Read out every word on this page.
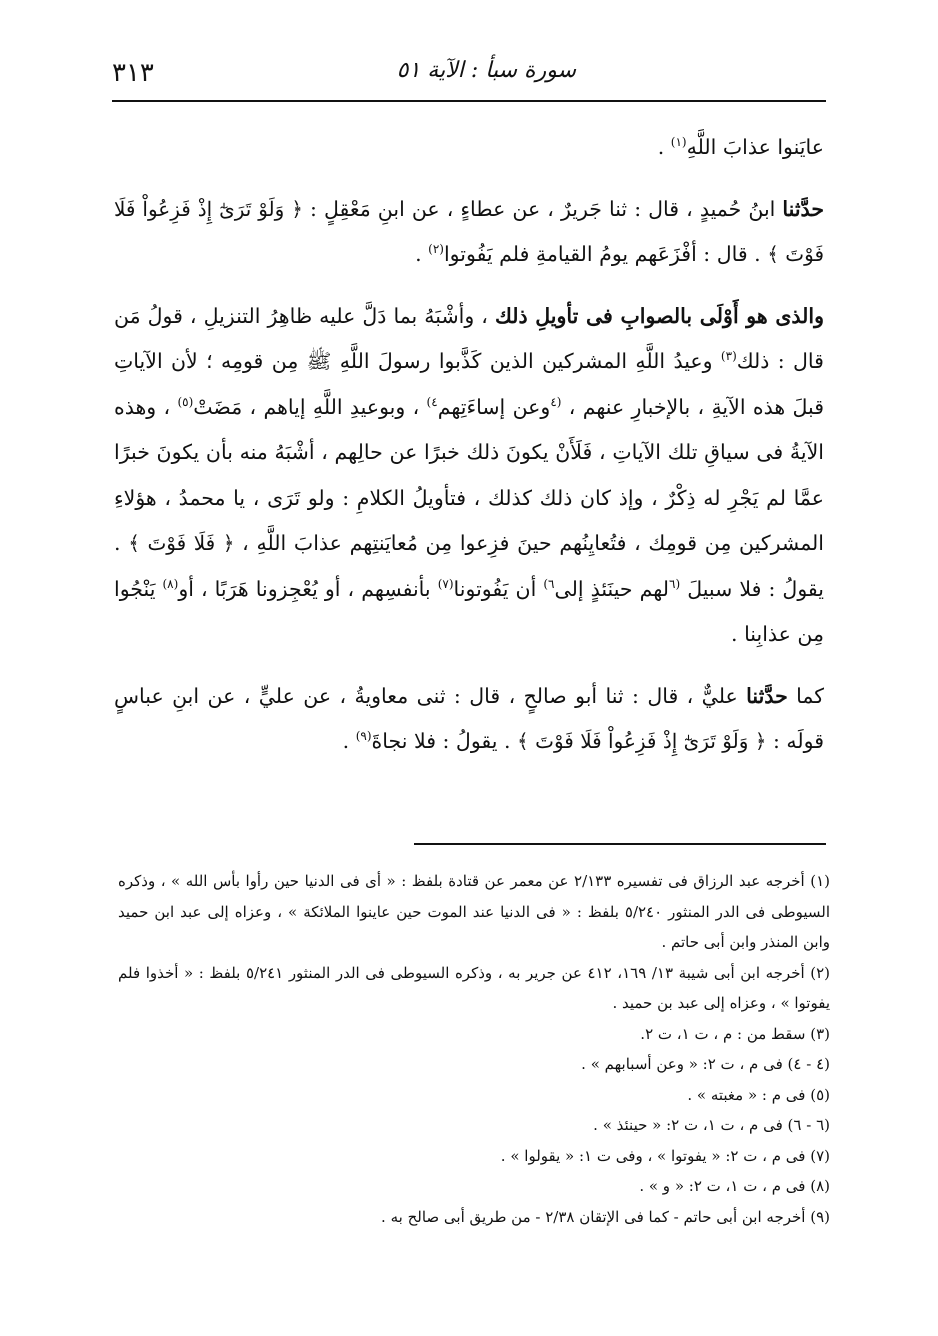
سورة سبأ : الآية ٥١
٣١٣

عايَنوا عذابَ اللَّهِ$^{(١)}$ .

حدَّثنا ابنُ حُميدٍ ، قال : ثنا جَريرٌ ، عن عطاءٍ ، عن ابنِ مَعْقِلٍ : ﴿ وَلَوْ تَرَىٰٓ إِذْ فَزِعُواْ فَلَا فَوْتَ ﴾ . قال : أفْزَعَهم يومُ القيامةِ فلم يَفُوتوا$^{(٢)}$ .

والذى هو أَوْلَى بالصوابِ فى تأويلِ ذلك ، وأشْبَهُ بما دَلَّ عليه ظاهِرُ التنزيلِ ، قولُ مَن قال : ذلك$^{(٣)}$ وعيدُ اللَّهِ المشركين الذين كَذَّبوا رسولَ اللَّهِ ﷺ مِن قومِه ؛ لأن الآياتِ قبلَ هذه الآيةِ ، بالإخبارِ عنهم ، $^{(٤}$وعن إساءَتِهم$^{٤)}$ ، وبوعيدِ اللَّهِ إياهم ، مَضَتْ$^{(٥)}$ ، وهذه الآيةُ فى سياقِ تلك الآياتِ ، فَلَأَنْ يكونَ ذلك خبرًا عن حالِهم ، أشْبَهُ منه بأن يكونَ خبرًا عمَّا لم يَجْرِ له ذِكْرٌ ، وإذ كان ذلك كذلك ، فتأويلُ الكلامِ : ولو تَرَى ، يا محمدُ ، هؤلاءِ المشركين مِن قومِك ، فتُعايِنُهم حينَ فزِعوا مِن مُعايَنتِهم عذابَ اللَّهِ ، ﴿ فَلَا فَوْتَ ﴾ . يقولُ : فلا سبيلَ $^{(٦}$لهم حينَئذٍ إلى$^{٦)}$ أن يَفُوتونا$^{(٧)}$ بأنفسِهم ، أو يُعْجِزونا هَرَبًا ، أو$^{(٨)}$ يَنْجُوا مِن عذابِنا .

كما حدَّثنا عليٌّ ، قال : ثنا أبو صالحٍ ، قال : ثنى معاويةُ ، عن عليٍّ ، عن ابنِ عباسٍ قولَه : ﴿ وَلَوْ تَرَىٰٓ إِذْ فَزِعُواْ فَلَا فَوْتَ ﴾ . يقولُ : فلا نجاةَ$^{(٩)}$ .

(١) أخرجه عبد الرزاق فى تفسيره ٢/١٣٣ عن معمر عن قتادة بلفظ : « أى فى الدنيا حين رأوا بأس الله » ، وذكره السيوطى فى الدر المنثور ٥/٢٤٠ بلفظ : « فى الدنيا عند الموت حين عاينوا الملائكة » ، وعزاه إلى عبد ابن حميد وابن المنذر وابن أبى حاتم .

(٢) أخرجه ابن أبى شيبة ١٣/ ١٦٩، ٤١٢ عن جرير به ، وذكره السيوطى فى الدر المنثور ٥/٢٤١ بلفظ : « أخذوا فلم يفوتوا » ، وعزاه إلى عبد بن حميد .

(٣) سقط من : م ، ت ١، ت ٢.

(٤ - ٤) فى م ، ت ٢: « وعن أسبابهم » .

(٥) فى م : « مغبته » .

(٦ - ٦) فى م ، ت ١، ت ٢: « حينئذ » .

(٧) فى م ، ت ٢: « يفوتوا » ، وفى ت ١: « يقولوا » .

(٨) فى م ، ت ١، ت ٢: « و » .

(٩) أخرجه ابن أبى حاتم - كما فى الإتقان ٢/٣٨ - من طريق أبى صالح به .
